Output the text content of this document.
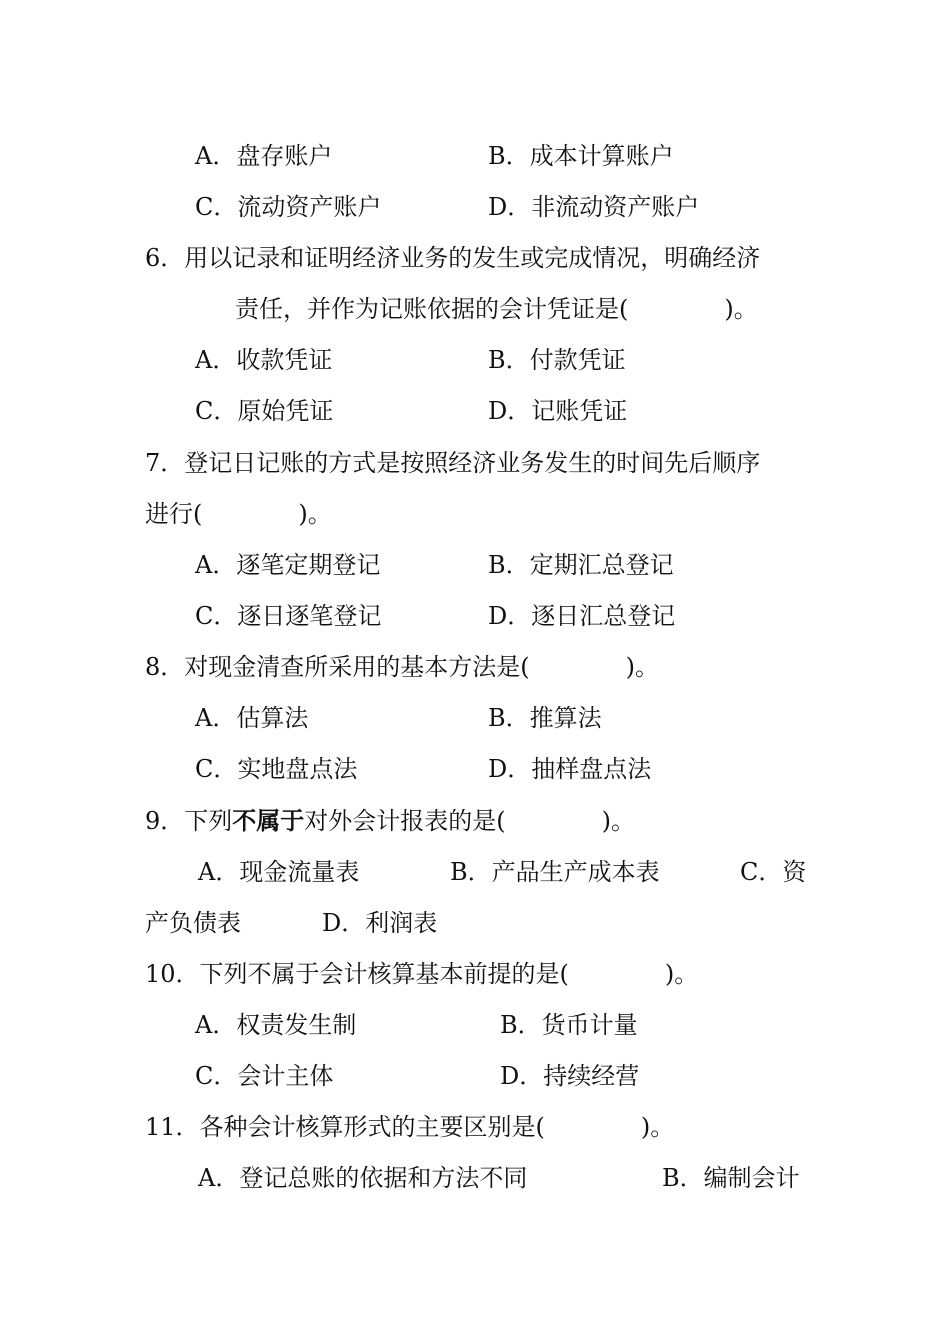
A．盘存账户	B．成本计算账户
C．流动资产账户	D．非流动资产账户
6．用以记录和证明经济业务的发生或完成情况，明确经济
责任，并作为记账依据的会计凭证是(　　　　)。
A．收款凭证	B．付款凭证
C．原始凭证	D．记账凭证
7．登记日记账的方式是按照经济业务发生的时间先后顺序
进行(　　　　)。
A．逐笔定期登记	B．定期汇总登记
C．逐日逐笔登记	D．逐日汇总登记
8．对现金清查所采用的基本方法是(　　　　)。
A．估算法	B．推算法
C．实地盘点法	D．抽样盘点法
9．下列不属于对外会计报表的是(　　　　)。
A．现金流量表	B．产品生产成本表	C．资
产负债表	D．利润表
10．下列不属于会计核算基本前提的是(　　　　)。
A．权责发生制	B．货币计量
C．会计主体	D．持续经营
11．各种会计核算形式的主要区别是(　　　　)。
A．登记总账的依据和方法不同	B．编制会计
